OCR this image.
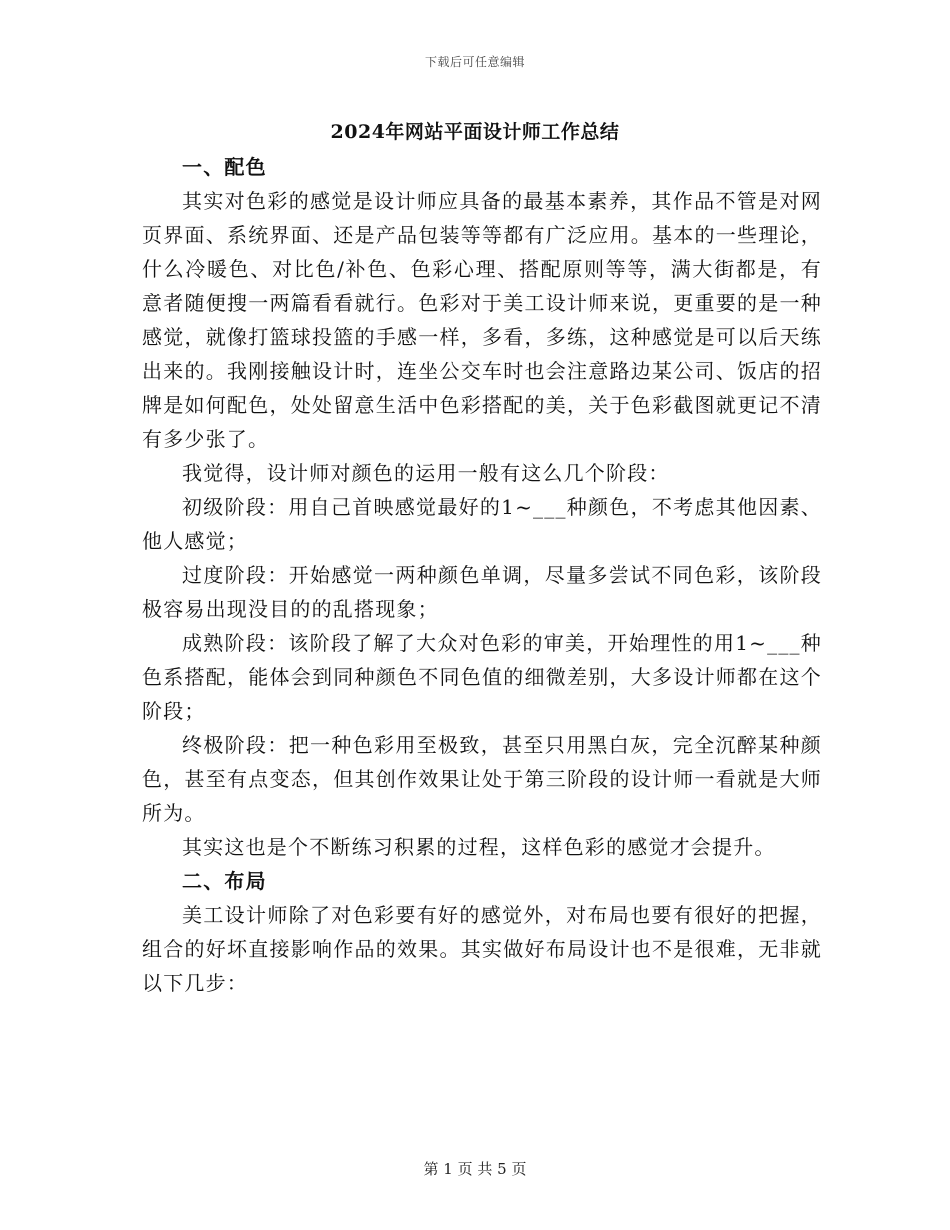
下载后可任意编辑
2024年网站平面设计师工作总结
一、配色

其实对色彩的感觉是设计师应具备的最基本素养，其作品不管是对网页界面、系统界面、还是产品包装等等都有广泛应用。基本的一些理论，什么冷暖色、对比色/补色、色彩心理、搭配原则等等，满大街都是，有意者随便搜一两篇看看就行。色彩对于美工设计师来说，更重要的是一种感觉，就像打篮球投篮的手感一样，多看，多练，这种感觉是可以后天练出来的。我刚接触设计时，连坐公交车时也会注意路边某公司、饭店的招牌是如何配色，处处留意生活中色彩搭配的美，关于色彩截图就更记不清有多少张了。

我觉得，设计师对颜色的运用一般有这么几个阶段：

初级阶段：用自己首映感觉最好的1~___种颜色，不考虑其他因素、他人感觉；

过度阶段：开始感觉一两种颜色单调，尽量多尝试不同色彩，该阶段极容易出现没目的的乱搭现象；

成熟阶段：该阶段了解了大众对色彩的审美，开始理性的用1~___种色系搭配，能体会到同种颜色不同色值的细微差别，大多设计师都在这个阶段；

终极阶段：把一种色彩用至极致，甚至只用黑白灰，完全沉醉某种颜色，甚至有点变态，但其创作效果让处于第三阶段的设计师一看就是大师所为。

其实这也是个不断练习积累的过程，这样色彩的感觉才会提升。

二、布局

美工设计师除了对色彩要有好的感觉外，对布局也要有很好的把握，组合的好坏直接影响作品的效果。其实做好布局设计也不是很难，无非就以下几步：

第 1 页 共 5 页
